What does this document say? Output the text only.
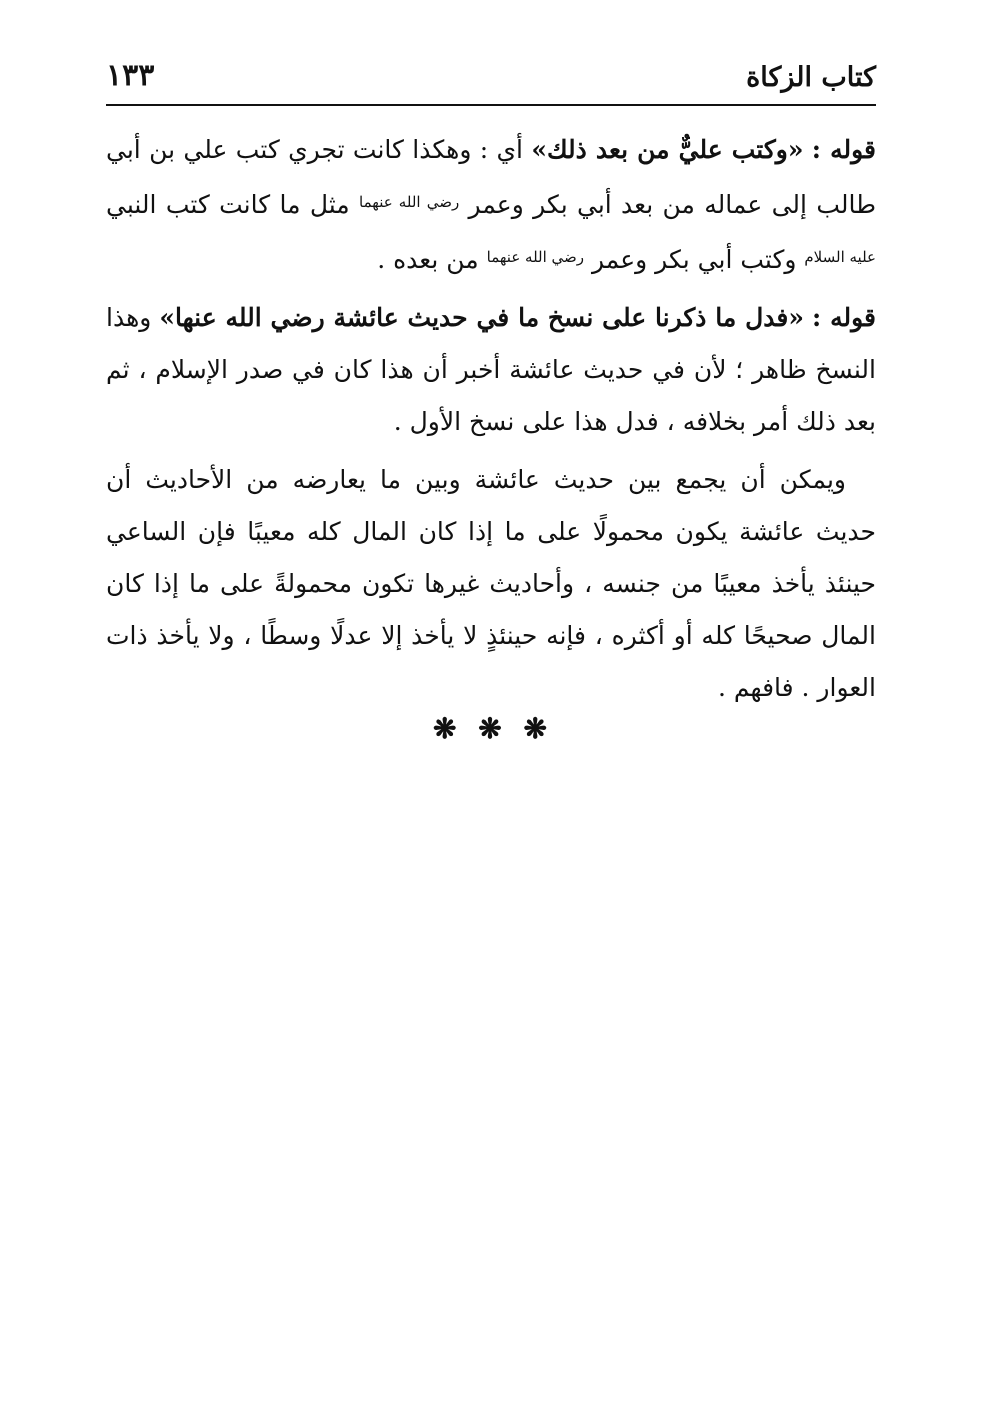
كتاب الزكاة
١٣٣

قوله : «وكتب عليٌّ من بعد ذلك» أي : وهكذا كانت تجري كتب علي بن أبي طالب إلى عماله من بعد أبي بكر وعمر $^{رضي الله عنهما}$ مثل ما كانت كتب النبي $^{عليه السلام}$ وكتب أبي بكر وعمر $^{رضي الله عنهما}$ من بعده .

قوله : «فدل ما ذكرنا على نسخ ما في حديث عائشة رضي الله عنها» وهذا النسخ ظاهر ؛ لأن في حديث عائشة أخبر أن هذا كان في صدر الإسلام ، ثم بعد ذلك أمر بخلافه ، فدل هذا على نسخ الأول .

ويمكن أن يجمع بين حديث عائشة وبين ما يعارضه من الأحاديث أن حديث عائشة يكون محمولًا على ما إذا كان المال كله معيبًا فإن الساعي حينئذ يأخذ معيبًا من جنسه ، وأحاديث غيرها تكون محمولةً على ما إذا كان المال صحيحًا كله أو أكثره ، فإنه حينئذٍ لا يأخذ إلا عدلًا وسطًا ، ولا يأخذ ذات العوار . فافهم .

❋ ❋ ❋
